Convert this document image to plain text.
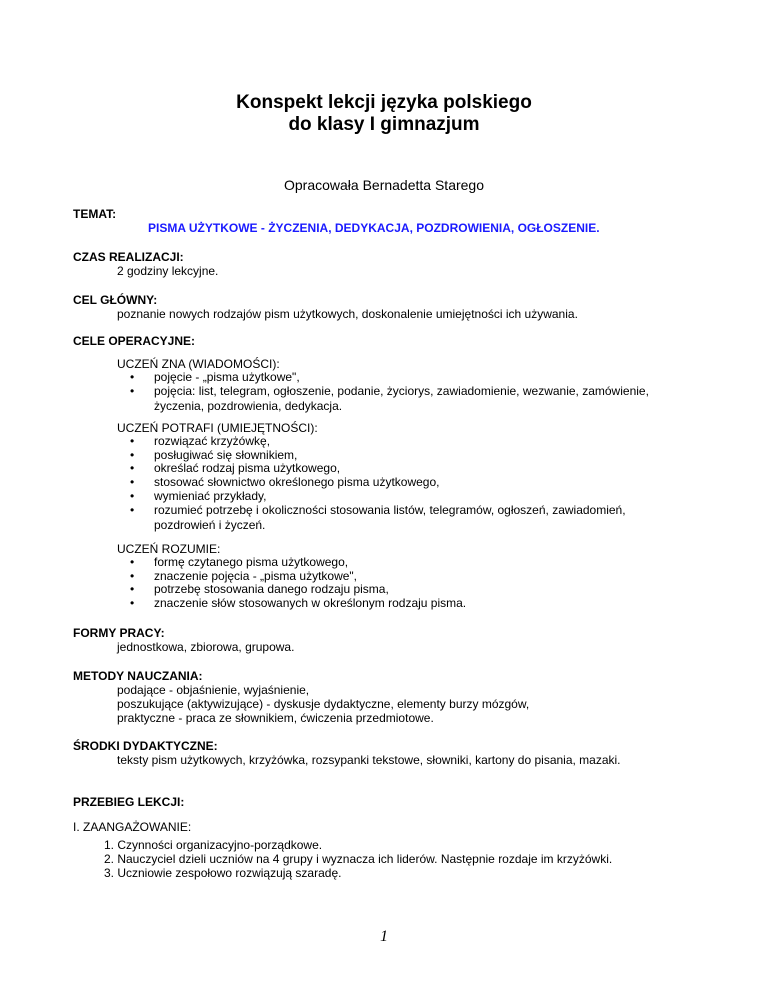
Konspekt lekcji języka polskiego
do klasy I gimnazjum
Opracowała Bernadetta Starego
TEMAT:
PISMA UŻYTKOWE - ŻYCZENIA, DEDYKACJA, POZDROWIENIA, OGŁOSZENIE.
CZAS REALIZACJI:
2 godziny lekcyjne.
CEL GŁÓWNY:
poznanie nowych rodzajów pism użytkowych, doskonalenie umiejętności ich używania.
CELE OPERACYJNE:
UCZEŃ ZNA (WIADOMOŚCI):
• pojęcie - „pisma użytkowe",
• pojęcia: list, telegram, ogłoszenie, podanie, życiorys, zawiadomienie, wezwanie, zamówienie,
życzenia, pozdrowienia, dedykacja.
UCZEŃ POTRAFI (UMIEJĘTNOŚCI):
• rozwiązać krzyżówkę,
• posługiwać się słownikiem,
• określać rodzaj pisma użytkowego,
• stosować słownictwo określonego pisma użytkowego,
• wymieniać przykłady,
• rozumieć potrzebę i okoliczności stosowania listów, telegramów, ogłoszeń, zawiadomień,
pozdrowień i życzeń.
UCZEŃ ROZUMIE:
• formę czytanego pisma użytkowego,
• znaczenie pojęcia - „pisma użytkowe",
• potrzebę stosowania danego rodzaju pisma,
• znaczenie słów stosowanych w określonym rodzaju pisma.
FORMY PRACY:
jednostkowa, zbiorowa, grupowa.
METODY NAUCZANIA:
podające - objaśnienie, wyjaśnienie,
poszukujące (aktywizujące) - dyskusje dydaktyczne, elementy burzy mózgów,
praktyczne - praca ze słownikiem, ćwiczenia przedmiotowe.
ŚRODKI DYDAKTYCZNE:
teksty pism użytkowych, krzyżówka, rozsypanki tekstowe, słowniki, kartony do pisania, mazaki.
PRZEBIEG LEKCJI:
I. ZAANGAŻOWANIE:
1. Czynności organizacyjno-porządkowe.
2. Nauczyciel dzieli uczniów na 4 grupy i wyznacza ich liderów. Następnie rozdaje im krzyżówki.
3. Uczniowie zespołowo rozwiązują szaradę.
1
